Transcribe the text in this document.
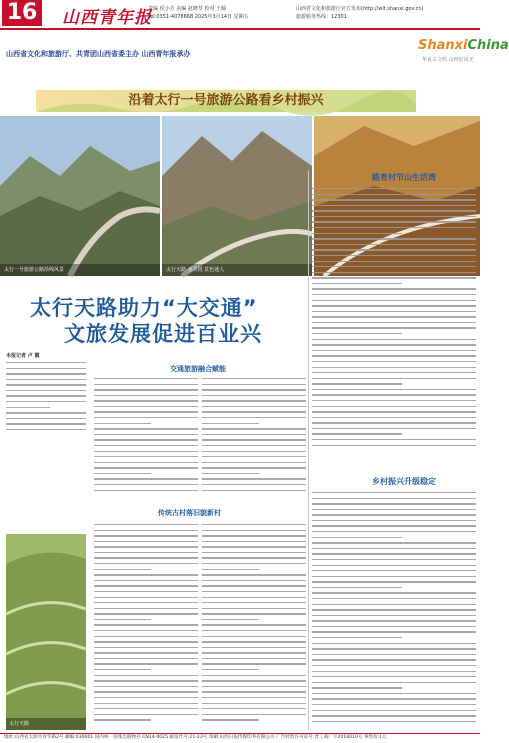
16 山西青年报
责编 侯小芳 美编 赵晓琴 校对 王佩
Tel:0351-4078668 2025年3月14日 星期五
山西省文化和旅游厅官方发布(http://wlt.shanxi.gov.cn)
旅游服务热线：12301
山西省文化和旅游厅、共青团山西省委主办 山西青年报承办
ShanxiChina
华夏古文明 山西好风光
沿着太行一号旅游公路看乡村振兴
太行一号旅游公路沿线风景	太行天路·壶关段 景色迷人
太行天路助力“大交通”
文旅发展促进百业兴
路育村节山生活湾
乡村振兴升级稳定
本报记者 卢 霞
交通旅游融合赋能
传统古村落旧貌新村
太行天路
地址:山西省太原市青年路2号 邮编:030001 国内统一连续出版物号 CN14-0025 邮发代号:21-23号 印刷:山西日报传媒印务有限公司 广告经营许可证号:晋工商广字2018010号 零售价:1元
